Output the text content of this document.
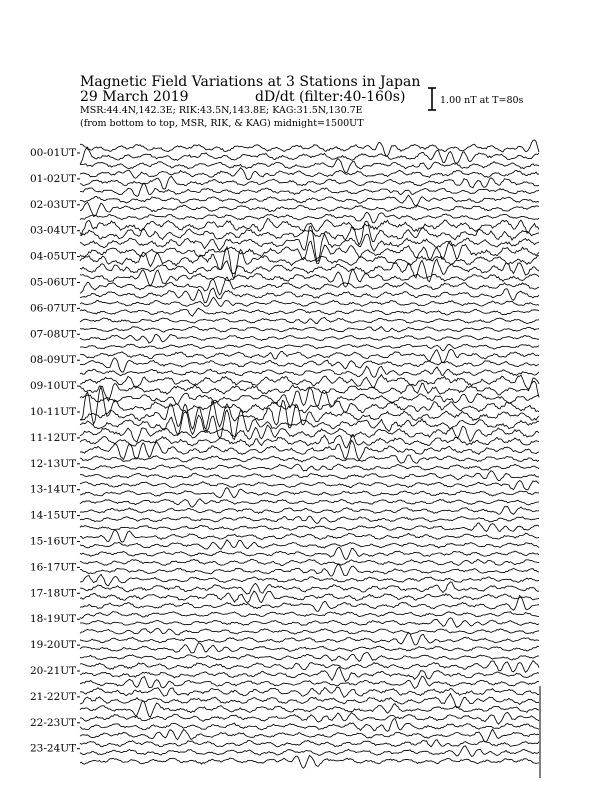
Magnetic Field Variations at 3 Stations in Japan
29 March 2019	dD/dt (filter:40-160s)
MSR:44.4N,142.3E; RIK:43.5N,143.8E; KAG:31.5N,130.7E
(from bottom to top, MSR, RIK, & KAG) midnight=1500UT
1.00 nT at T=80s
00-01UT
01-02UT
02-03UT
03-04UT
04-05UT
05-06UT
06-07UT
07-08UT
08-09UT
09-10UT
10-11UT
11-12UT
12-13UT
13-14UT
14-15UT
15-16UT
16-17UT
17-18UT
18-19UT
19-20UT
20-21UT
21-22UT
22-23UT
23-24UT
